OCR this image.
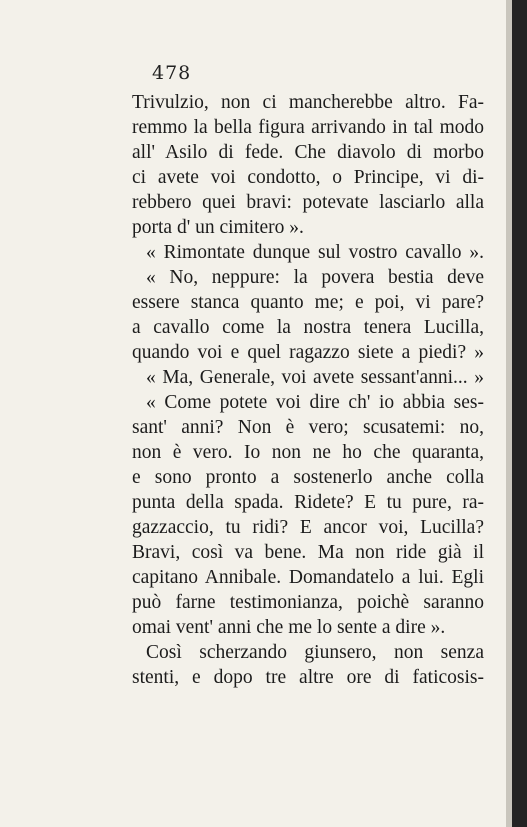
478
Trivulzio, non ci mancherebbe altro. Fa-
remmo la bella figura arrivando in tal modo
all' Asilo di fede. Che diavolo di morbo
ci avete voi condotto, o Principe, vi di-
rebbero quei bravi: potevate lasciarlo alla
porta d' un cimitero ».
« Rimontate dunque sul vostro cavallo ».
« No, neppure: la povera bestia deve
essere stanca quanto me; e poi, vi pare?
a cavallo come la nostra tenera Lucilla,
quando voi e quel ragazzo siete a piedi? »
« Ma, Generale, voi avete sessant'anni... »
« Come potete voi dire ch' io abbia ses-
sant' anni? Non è vero; scusatemi: no,
non è vero. Io non ne ho che quaranta,
e sono pronto a sostenerlo anche colla
punta della spada. Ridete? E tu pure, ra-
gazzaccio, tu ridi? E ancor voi, Lucilla?
Bravi, così va bene. Ma non ride già il
capitano Annibale. Domandatelo a lui. Egli
può farne testimonianza, poichè saranno
omai vent' anni che me lo sente a dire ».
Così scherzando giunsero, non senza
stenti, e dopo tre altre ore di faticosis-
